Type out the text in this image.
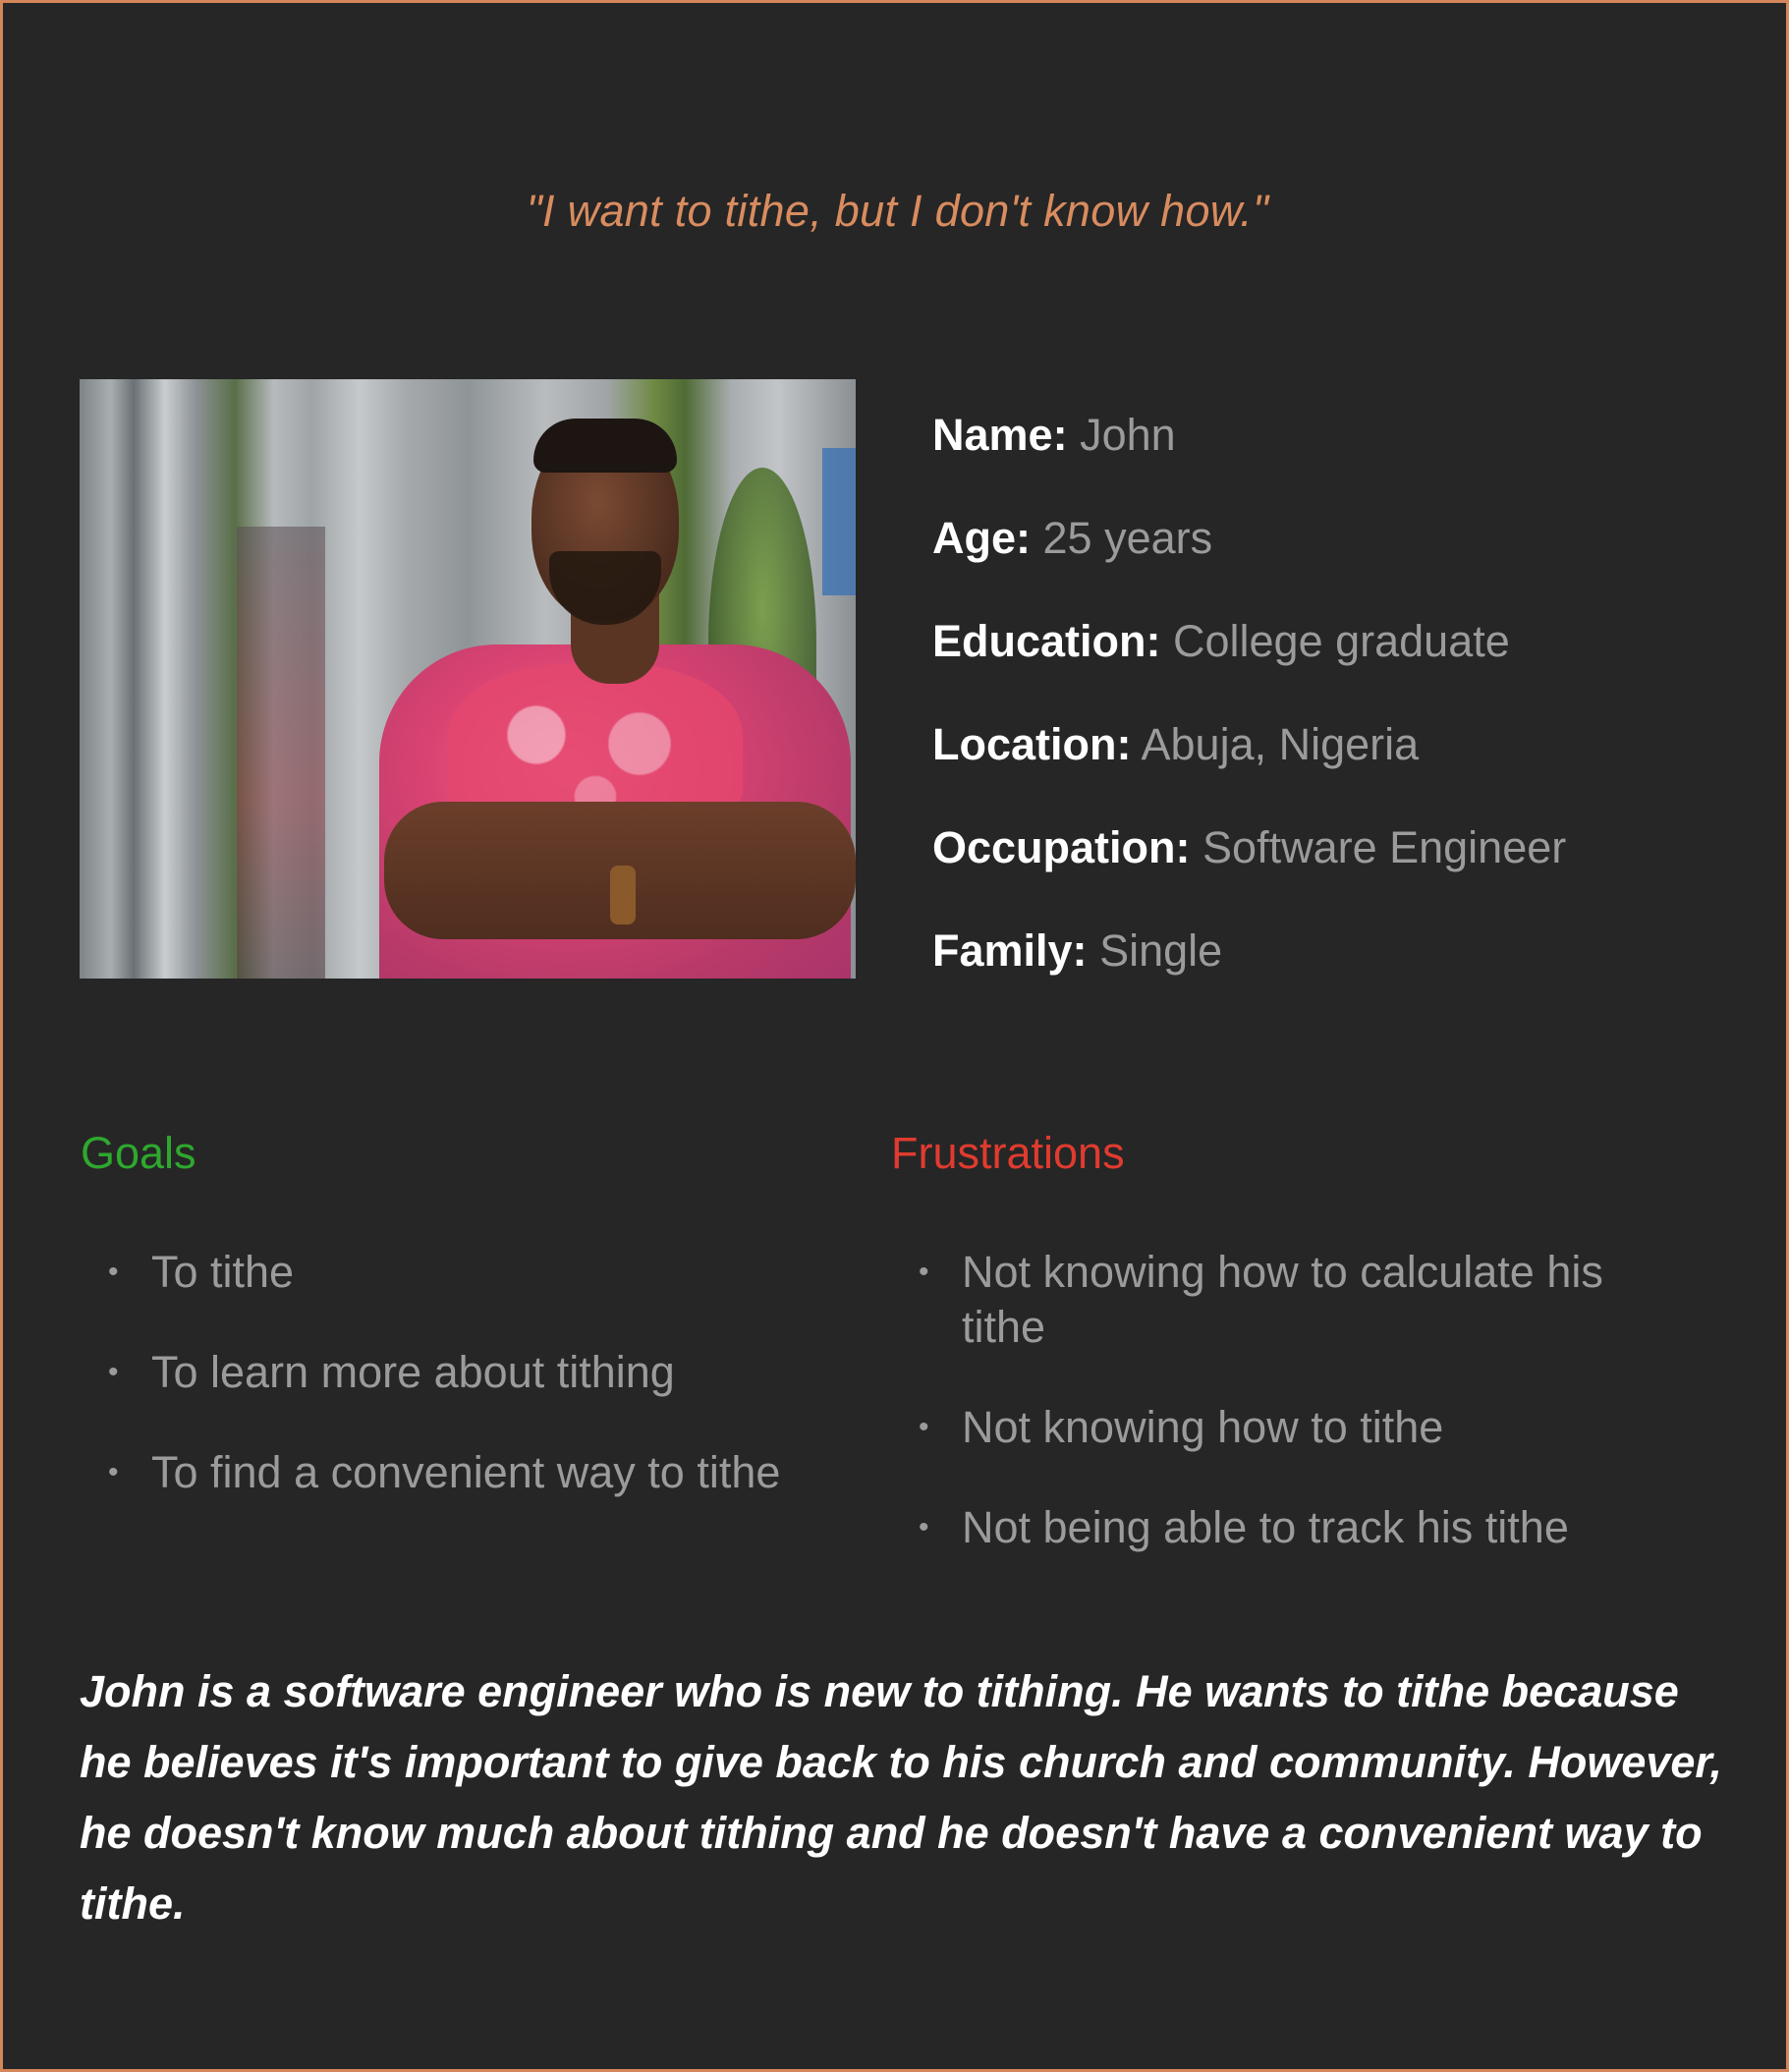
"I want to tithe, but I don't know how."
Name: John
Age: 25 years
Education: College graduate
Location: Abuja, Nigeria
Occupation: Software Engineer
Family: Single
Goals
• To tithe
• To learn more about tithing
• To find a convenient way to tithe
Frustrations
• Not knowing how to calculate his tithe
• Not knowing how to tithe
• Not being able to track his tithe

John is a software engineer who is new to tithing. He wants to tithe because he believes it's important to give back to his church and community. However, he doesn't know much about tithing and he doesn't have a convenient way to tithe.
